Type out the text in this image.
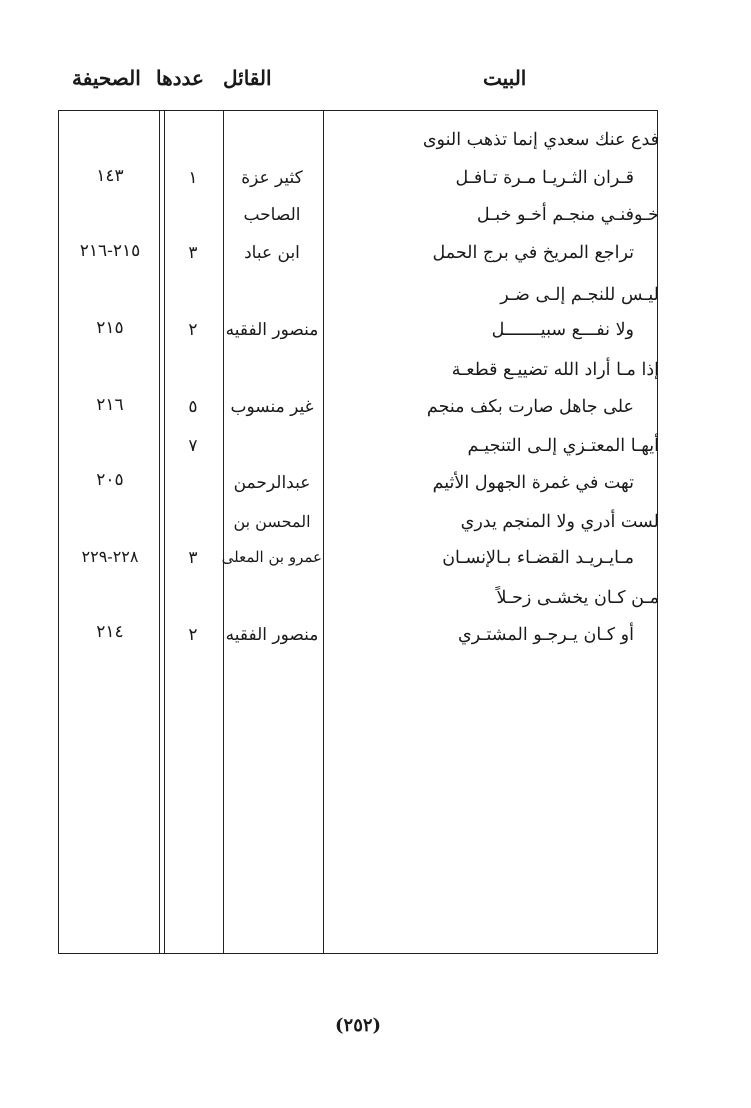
البيت
القائل
عددها
الصحيفة
فدع عنك سعدي إنما تذهب النوى
قـران الثـريـا مـرة تـافـل
كثير عزة
١
١٤٣
خـوفنـي منجـم أخـو خبـل
الصاحب
تراجع المريخ في برج الحمل
ابن عباد
٣
٢١٥-٢١٦
ليـس للنجـم إلـى ضـر
ولا نفـــع سبيـــــــل
منصور الفقيه
٢
٢١٥
إذا مـا أراد الله تضييـع قطعـة
على جاهل صارت بكف منجم
غير منسوب
٥
٢١٦
أيهـا المعتـزي إلـى التنجيـم
٧
تهت في غمرة الجهول الأثيم
عبدالرحمن
٢٠٥
لست أدري ولا المنجم يدري
المحسن بن
مـايـريـد القضـاء بـالإنسـان
عمرو بن المعلى
٣
٢٢٨-٢٢٩
مـن كـان يخشـى زحـلاً
أو كـان يـرجـو المشتـري
منصور الفقيه
٢
٢١٤
(٢٥٢)
